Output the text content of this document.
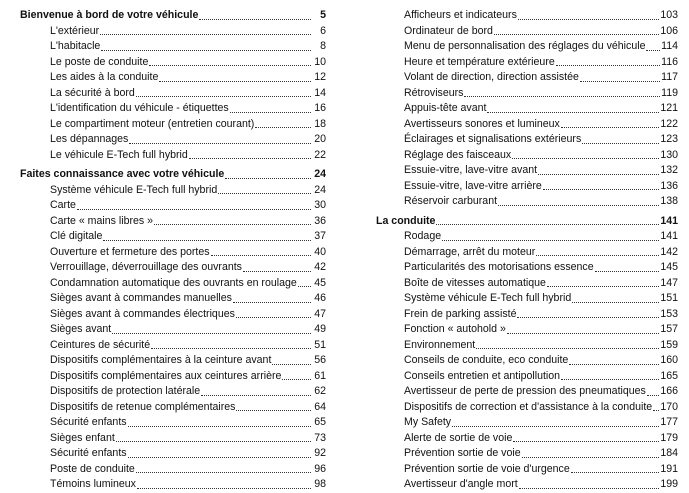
Bienvenue à bord de votre véhicule	5
L'extérieur	6
L'habitacle	8
Le poste de conduite	10
Les aides à la conduite	12
La sécurité à bord	14
L'identification du véhicule - étiquettes	16
Le compartiment moteur (entretien courant)	18
Les dépannages	20
Le véhicule E-Tech full hybrid	22
Faites connaissance avec votre véhicule	24
Système véhicule E-Tech full hybrid	24
Carte	30
Carte « mains libres »	36
Clé digitale	37
Ouverture et fermeture des portes	40
Verrouillage, déverrouillage des ouvrants	42
Condamnation automatique des ouvrants en roulage 45
Sièges avant à commandes manuelles	46
Sièges avant à commandes électriques	47
Sièges avant	49
Ceintures de sécurité	51
Dispositifs complémentaires à la ceinture avant	56
Dispositifs complémentaires aux ceintures arrière	61
Dispositifs de protection latérale	62
Dispositifs de retenue complémentaires	64
Sécurité enfants	65
Sièges enfant	73
Sécurité enfants	92
Poste de conduite	96
Témoins lumineux	98
Afficheurs et indicateurs	103
Ordinateur de bord	106
Menu de personnalisation des réglages du véhicule 114
Heure et température extérieure	116
Volant de direction, direction assistée	117
Rétroviseurs	119
Appuis-tête avant	121
Avertisseurs sonores et lumineux	122
Éclairages et signalisations extérieurs	123
Réglage des faisceaux	130
Essuie-vitre, lave-vitre avant	132
Essuie-vitre, lave-vitre arrière	136
Réservoir carburant	138
La conduite	141
Rodage	141
Démarrage, arrêt du moteur	142
Particularités des motorisations essence	145
Boîte de vitesses automatique	147
Système véhicule E-Tech full hybrid	151
Frein de parking assisté	153
Fonction « autohold »	157
Environnement	159
Conseils de conduite, eco conduite	160
Conseils entretien et antipollution	165
Avertisseur de perte de pression des pneumatiques 166
Dispositifs de correction et d'assistance à la conduite 170
My Safety	177
Alerte de sortie de voie	179
Prévention sortie de voie	184
Prévention sortie de voie d'urgence	191
Avertisseur d'angle mort	199
